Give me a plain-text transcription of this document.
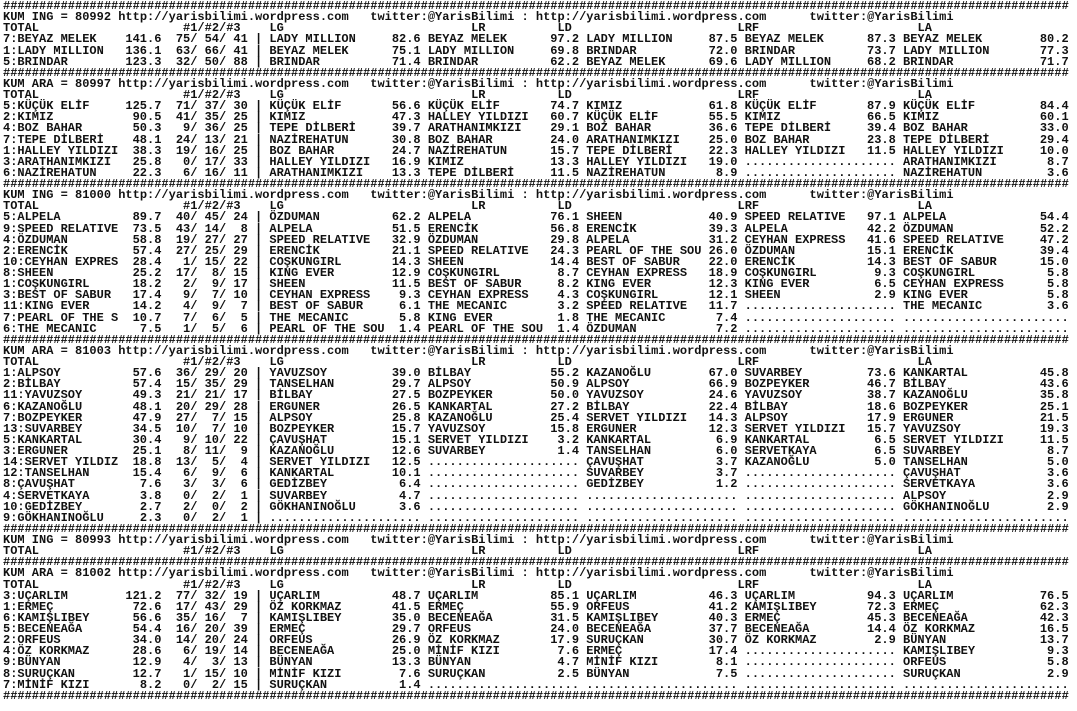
####################################################################################################################################################
KUM ING = 80992 http://yarisbilimi.wordpress.com twitter:@YarisBilimi : http://yarisbilimi.wordpress.com	twitter:@YarisBilimi
TOTAL	#1/#2/#3 LG	LR	LD	LRF	LA
7:BEYAZ MELEK 141.6 75 / 54 / 41 | LADY MILLION	82.6 BEYAZ MELEK	97.2 LADY MILLION	87.5 BEYAZ MELEK	87.3 BEYAZ MELEK	80.2
1:LADY MILLION 136.1 63 / 66 / 41 | BEYAZ MELEK	75.1 LADY MILLION	69.8 BRINDAR	72.0 BRINDAR	73.7 LADY MILLION	77.3
5:BRINDAR	123.3 32 / 50 / 88 | BRINDAR	71.4 BRINDAR	62.2 BEYAZ MELEK	69.6 LADY MILLION	68.2 BRINDAR	71.7
####################################################################################################################################################
KUM ARA = 80997 http://yarisbilimi.wordpress.com twitter:@YarisBilimi : http://yarisbilimi.wordpress.com	twitter:@YarisBilimi
TOTAL	#1/#2/#3 LG	LR	LD	LRF	LA
5:KÜÇÜK ELİF	125.7 71 / 37 / 30 | KÜÇÜK ELİF	56.6 KÜÇÜK ELİF	74.7 KIMIZ	61.8 KÜÇÜK ELİF	87.9 KÜÇÜK ELİF	84.4
2:KIMIZ	90.5 41 / 35 / 25 | KIMIZ	47.3 HALLEY YILDIZI 60.7 KÜÇÜK ELİF	55.5 KIMIZ	66.5 KIMIZ	60.1
4:BOZ BAHAR	50.3 9 / 36 / 25 | TEPE DİLBERİ	39.7 ARATHANIMKIZI 29.1 BOZ BAHAR	36.6 TEPE DİLBERİ	39.4 BOZ BAHAR	33.0
7:TEPE DİLBERİ 48.1 24 / 13 / 21 | NAZİREHATUN	30.8 BOZ BAHAR	24.0 ARATHANIMKIZI 25.0 BOZ BAHAR	23.8 TEPE DİLBERİ	29.4
1:HALLEY YILDIZI 38.3 19 / 16 / 25 | BOZ BAHAR	24.7 NAZİREHATUN	15.7 TEPE DİLBERİ	22.3 HALLEY YILDIZI 11.5 HALLEY YILDIZI	10.0
3:ARATHANIMKIZI 25.8 0 / 17 / 33 | HALLEY YILDIZI 16.9 KIMIZ	13.3 HALLEY YILDIZI 19.0 ..................... ARATHANIMKIZI	8.7
6:NAZİREHATUN	22.3 6 / 16 / 11 | ARATHANIMKIZI 13.3 TEPE DİLBERİ	11.5 NAZİREHATUN	8.9 ..................... NAZİREHATUN	3.6
####################################################################################################################################################
KUM ING = 81000 http://yarisbilimi.wordpress.com twitter:@YarisBilimi : http://yarisbilimi.wordpress.com	twitter:@YarisBilimi
TOTAL	#1/#2/#3 LG	LR	LD	LRF	LA
5:ALPELA	89.7 40 / 45 / 24 | ÖZDUMAN	62.2 ALPELA	76.1 SHEEN	40.9 SPEED RELATIVE 97.1 ALPELA	54.4
9:SPEED RELATIVE 73.5 43 / 14 / 8 | ALPELA	51.5 ERENCİK	56.8 ERENCİK	39.3 ALPELA	42.2 ÖZDUMAN	52.2
4:ÖZDUMAN	58.8 19 / 27 / 27 | SPEED RELATIVE 32.9 ÖZDUMAN	29.8 ALPELA	31.2 CEYHAN EXPRESS 41.6 SPEED RELATIVE	47.2
2:ERENCİK	57.4 27 / 25 / 29 | ERENCİK	21.1 SPEED RELATIVE 24.3 PEARL OF THE SOU 26.0 ÖZDUMAN	15.1 ERENCİK	39.4
10:CEYHAN EXPRES 28.4 1 / 15 / 22 | COŞKUNGIRL	14.3 SHEEN	14.4 BEST OF SABUR 22.0 ERENCİK	14.3 BEST OF SABUR	15.0
8:SHEEN	25.2 17 / 8 / 15 | KING EVER	12.9 COŞKUNGIRL	8.7 CEYHAN EXPRESS 18.9 COŞKUNGIRL	9.3 COŞKUNGIRL	5.8
1:COŞKUNGIRL	18.2 2 / 9 / 17 | SHEEN	11.5 BEST OF SABUR	8.2 KING EVER	12.3 KING EVER	6.5 CEYHAN EXPRESS	5.8
3:BEST OF SABUR 17.4 9 / 7 / 10 | CEYHAN EXPRESS 9.3 CEYHAN EXPRESS 4.3 COŞKUNGIRL	12.1 SHEEN	2.9 KING EVER	5.8
11:KING EVER	14.2 4 / 9 / 7 | BEST OF SABUR	6.1 THE MECANIC	3.2 SPEED RELATIVE 11.7 ..................... THE MECANIC	3.6
7:PEARL OF THE S 10.7 7 / 6 / 5 | THE MECANIC	5.8 KING EVER	1.8 THE MECANIC	7.4 ..................... .......................
6:THE MECANIC	7.5 1 / 5 / 6 | PEARL OF THE SOU 1.4 PEARL OF THE SOU 1.4 ÖZDUMAN	7.2 ..................... .......................
####################################################################################################################################################
KUM ARA = 81003 http://yarisbilimi.wordpress.com twitter:@YarisBilimi : http://yarisbilimi.wordpress.com	twitter:@YarisBilimi
TOTAL	#1/#2/#3 LG	LR	LD	LRF	LA
1:ALPSOY	57.6 36 / 29 / 20 | YAVUZSOY	39.0 BİLBAY	55.2 KAZANOĞLU	67.0 SUVARBEY	73.6 KANKARTAL	45.8
2:BİLBAY	57.4 15 / 35 / 29 | TANSELHAN	29.7 ALPSOY	50.9 ALPSOY	66.9 BOZPEYKER	46.7 BİLBAY	43.6
11:YAVUZSOY	49.3 21 / 21 / 17 | BİLBAY	27.5 BOZPEYKER	50.0 YAVUZSOY	24.6 YAVUZSOY	38.7 KAZANOĞLU	35.8
6:KAZANOĞLU	48.1 20 / 29 / 28 | ERGUNER	26.5 KANKARTAL	27.2 BİLBAY	22.4 BİLBAY	18.6 BOZPEYKER	25.1
7:BOZPEYKER	47.9 27 / 7 / 15 | ALPSOY	25.8 KAZANOĞLU	25.4 SERVET YILDIZI 14.3 ALPSOY	17.9 ERGUNER	21.5
13:SUVARBEY	34.5 10 / 7 / 10 | BOZPEYKER	15.7 YAVUZSOY	15.8 ERGUNER	12.3 SERVET YILDIZI 15.7 YAVUZSOY	19.3
5:KANKARTAL	30.4 9 / 10 / 22 | ÇAVUŞHAT	15.1 SERVET YILDIZI 3.2 KANKARTAL	6.9 KANKARTAL	6.5 SERVET YILDIZI	11.5
3:ERGUNER	25.1 8 / 11 / 9 | KAZANOĞLU	12.6 SUVARBEY	1.4 TANSELHAN	6.0 SERVETKAYA	6.5 SUVARBEY	8.7
14:SERVET YILDIZ 18.8 13 / 5 / 4 | SERVET YILDIZI 12.5 ..................... ÇAVUŞHAT	3.7 KAZANOĞLU	5.0 TANSELHAN	5.0
12:TANSELHAN	15.4 6 / 9 / 6 | KANKARTAL	10.1 ..................... SUVARBEY	3.7 ..................... ÇAVUŞHAT	3.6
8:ÇAVUŞHAT	7.6 3 / 3 / 6 | GEDİZBEY	6.4 ..................... GEDİZBEY	1.2 ..................... SERVETKAYA	3.6
4:SERVETKAYA	3.8 0 / 2 / 1 | SUVARBEY	4.7 ..................... ..................... ..................... ALPSOY	2.9
10:GEDİZBEY	2.7 2 / 0 / 2 | GÖKHANINOĞLU	3.6 ..................... ..................... ..................... GÖKHANINOĞLU	2.9
9:GÖKHANINOĞLU	2.3 0 / 2 / 1 | ..................... ..................... ..................... ..................... .......................
####################################################################################################################################################
KUM ING = 80993 http://yarisbilimi.wordpress.com twitter:@YarisBilimi : http://yarisbilimi.wordpress.com	twitter:@YarisBilimi
TOTAL	#1/#2/#3 LG	LR	LD	LRF	LA
####################################################################################################################################################
KUM ARA = 81002 http://yarisbilimi.wordpress.com twitter:@YarisBilimi : http://yarisbilimi.wordpress.com	twitter:@YarisBilimi
TOTAL	#1/#2/#3 LG	LR	LD	LRF	LA
3:UÇARLIM	121.2 77 / 32 / 19 | UÇARLIM	48.7 UÇARLIM	85.1 UÇARLIM	46.3 UÇARLIM	94.3 UÇARLIM	76.5
1:ERMEÇ	72.6 17 / 43 / 29 | ÖZ KORKMAZ	41.5 ERMEÇ	55.9 ORFEUS	41.2 KAMIŞLIBEY	72.3 ERMEÇ	62.3
6:KAMIŞLIBEY	56.6 35 / 16 / 7 | KAMIŞLIBEY	35.0 BECENEAĞA	31.5 KAMIŞLIBEY	40.3 ERMEÇ	45.3 BECENEAĞA	42.3
5:BECENEAĞA	54.4 16 / 20 / 39 | ERMEÇ	29.7 ORFEUS	24.0 BECENEAĞA	37.7 BECENEAĞA	14.4 ÖZ KORKMAZ	16.5
2:ORFEUS	34.0 14 / 20 / 24 | ORFEUS	26.9 ÖZ KORKMAZ	17.9 SURUÇKAN	30.7 ÖZ KORKMAZ	2.9 BÜNYAN	13.7
4:ÖZ KORKMAZ	28.6 6 / 19 / 14 | BECENEAĞA	25.0 MİNİF KIZI	7.6 ERMEÇ	17.4 ..................... KAMIŞLIBEY	9.3
9:BÜNYAN	12.9 4 / 3 / 13 | BÜNYAN	13.3 BÜNYAN	4.7 MİNİF KIZI	8.1 ..................... ORFEUS	5.8
8:SURUÇKAN	12.7 1 / 15 / 10 | MİNİF KIZI	7.6 SURUÇKAN	2.5 BÜNYAN	7.5 ..................... SURUÇKAN	2.9
7:MİNİF KIZI	8.2 0 / 2 / 15 | SURUÇKAN	1.4 ..................... ..................... ..................... .......................
####################################################################################################################################################
